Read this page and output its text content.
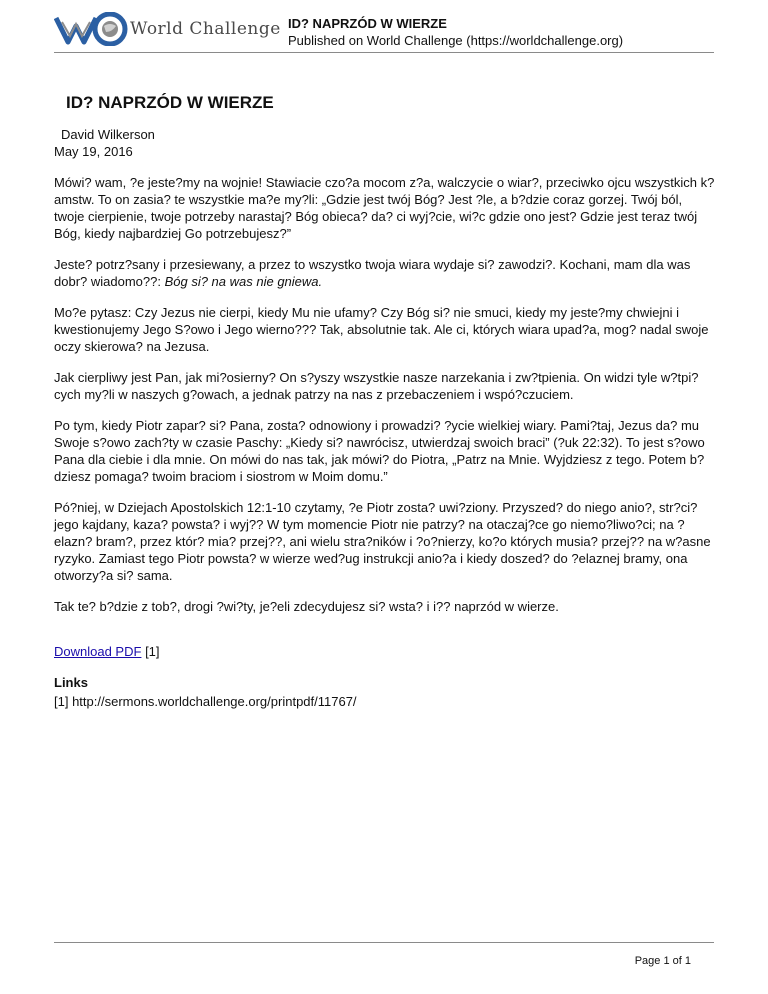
World Challenge ID? NAPRZÓD W WIERZE

Published on World Challenge (https://worldchallenge.org)

ID? NAPRZÓD W WIERZE
David Wilkerson
May 19, 2016

Mówi? wam, ?e jeste?my na wojnie! Stawiacie czo?a mocom z?a, walczycie o wiar?, przeciwko ojcu wszystkich k?amstw. To on zasia? te wszystkie ma?e my?li: „Gdzie jest twój Bóg? Jest ?le, a b?dzie coraz gorzej. Twój ból, twoje cierpienie, twoje potrzeby narastaj? Bóg obieca? da? ci wyj?cie, wi?c gdzie ono jest? Gdzie jest teraz twój Bóg, kiedy najbardziej Go potrzebujesz?”

Jeste? potrz?sany i przesiewany, a przez to wszystko twoja wiara wydaje si? zawodzi?. Kochani, mam dla was dobr? wiadomo??: Bóg si? na was nie gniewa.

Mo?e pytasz: Czy Jezus nie cierpi, kiedy Mu nie ufamy? Czy Bóg si? nie smuci, kiedy my jeste?my chwiejni i kwestionujemy Jego S?owo i Jego wierno??? Tak, absolutnie tak. Ale ci, których wiara upad?a, mog? nadal swoje oczy skierowa? na Jezusa.

Jak cierpliwy jest Pan, jak mi?osierny? On s?yszy wszystkie nasze narzekania i zw?tpienia. On widzi tyle w?tpi?cych my?li w naszych g?owach, a jednak patrzy na nas z przebaczeniem i wspó?czuciem.

Po tym, kiedy Piotr zapar? si? Pana, zosta? odnowiony i prowadzi? ?ycie wielkiej wiary. Pami?taj, Jezus da? mu Swoje s?owo zach?ty w czasie Paschy: „Kiedy si? nawrócisz, utwierdzaj swoich braci” (?uk 22:32). To jest s?owo Pana dla ciebie i dla mnie. On mówi do nas tak, jak mówi? do Piotra, „Patrz na Mnie. Wyjdziesz z tego. Potem b?dziesz pomaga? twoim braciom i siostrom w Moim domu.”

Pó?niej, w Dziejach Apostolskich 12:1-10 czytamy, ?e Piotr zosta? uwi?ziony. Przyszed? do niego anio?, str?ci? jego kajdany, kaza? powsta? i wyj?? W tym momencie Piotr nie patrzy? na otaczaj?ce go niemo?liwo?ci; na ?elazn? bram?, przez któr? mia? przej??, ani wielu stra?ników i ?o?nierzy, ko?o których musia? przej?? na w?asne ryzyko. Zamiast tego Piotr powsta? w wierze wed?ug instrukcji anio?a i kiedy doszed? do ?elaznej bramy, ona otworzy?a si? sama.

Tak te? b?dzie z tob?, drogi ?wi?ty, je?eli zdecydujesz si? wsta? i i?? naprzód w wierze.

Download PDF [1]
Links
[1] http://sermons.worldchallenge.org/printpdf/11767/
Page 1 of 1
